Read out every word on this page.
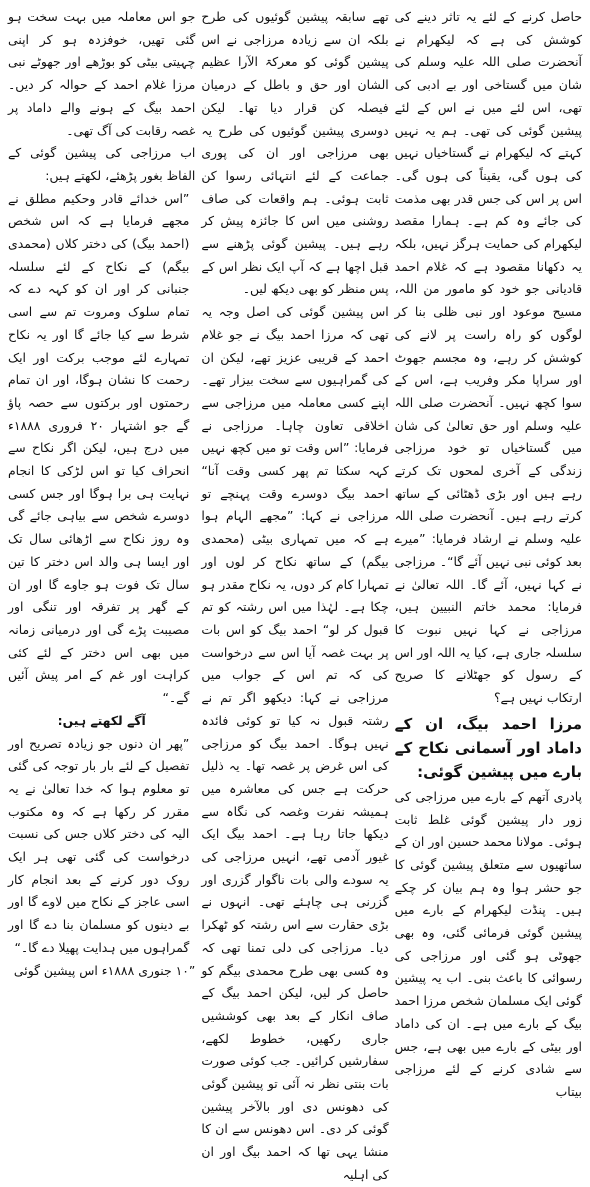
حاصل کرنے کے لئے یہ تاثر دینے کی کوشش کی ہے کہ لیکھرام نے آنحضرت صلی اللہ علیہ وسلم کی شان میں گستاخی اور بے ادبی کی تھی، اس لئے میں نے اس کے لئے پیشین گوئی کی تھی۔ ہم یہ نہیں کہتے کہ لیکھرام نے گستاخیاں نہیں کی ہوں گی، یقیناً کی ہوں گی۔ اس پر اس کی جس قدر بھی مذمت کی جائے وہ کم ہے۔ ہمارا مقصد لیکھرام کی حمایت ہرگز نہیں، بلکہ یہ دکھانا مقصود ہے کہ غلام احمد قادیانی جو خود کو مامور من اللہ، مسیح موعود اور نبی ظلی بنا کر لوگوں کو راہ راست پر لانے کی کوشش کر رہے، وہ مجسم جھوٹ اور سراپا مکر وفریب ہے، اس کے سوا کچھ نہیں۔ آنحضرت صلی اللہ علیہ وسلم اور حق تعالیٰ کی شان میں گستاخیاں تو خود مرزاجی زندگی کے آخری لمحوں تک کرتے رہے ہیں اور بڑی ڈھٹائی کے ساتھ کرتے رہے ہیں۔ آنحضرت صلی اللہ علیہ وسلم نے ارشاد فرمایا: ”میرے بعد کوئی نبی نہیں آئے گا“۔ مرزاجی نے کہا نہیں، آئے گا۔ اللہ تعالیٰ نے فرمایا: محمد خاتم النبیین ہیں، مرزاجی نے کہا نہیں نبوت کا سلسلہ جاری ہے، کیا یہ اللہ اور اس کے رسول کو جھٹلانے کا صریح ارتکاب نہیں ہے؟

مرزا احمد بیگ، ان کے داماد اور آسمانی نکاح کے بارے میں پیشین گوئی:

پادری آتھم کے بارے میں مرزاجی کی زور دار پیشین گوئی غلط ثابت ہوئی۔ مولانا محمد حسین اور ان کے ساتھیوں سے متعلق پیشین گوئی کا جو حشر ہوا وہ ہم بیان کر چکے ہیں۔ پنڈت لیکھرام کے بارے میں پیشین گوئی فرمائی گئی، وہ بھی جھوٹی ہو گئی اور مرزاجی کی رسوائی کا باعث بنی۔ اب یہ پیشین گوئی ایک مسلمان شخص مرزا احمد بیگ کے بارے میں ہے۔ ان کی داماد اور بیٹی کے بارے میں بھی ہے، جس سے شادی کرنے کے لئے مرزاجی بیتاب

تھے سابقہ پیشین گوئیوں کی طرح بلکہ ان سے زیادہ مرزاجی نے اس پیشین گوئی کو معرکۃ الآرا عظیم الشان اور حق و باطل کے درمیان فیصلہ کن قرار دیا تھا۔ لیکن دوسری پیشین گوئیوں کی طرح یہ بھی مرزاجی اور ان کی پوری جماعت کے لئے انتہائی رسوا کن ثابت ہوئی۔ ہم واقعات کی صاف روشنی میں اس کا جائزہ پیش کر رہے ہیں۔ پیشین گوئی پڑھنے سے قبل اچھا ہے کہ آپ ایک نظر اس کے پس منظر کو بھی دیکھ لیں۔

اس پیشین گوئی کی اصل وجہ یہ تھی کہ مرزا احمد بیگ نے جو غلام احمد کے قریبی عزیز تھے، لیکن ان کی گمراہیوں سے سخت بیزار تھے۔ اپنے کسی معاملہ میں مرزاجی سے اخلاقی تعاون چاہا۔ مرزاجی نے فرمایا: ”اس وقت تو میں کچھ نہیں کہہ سکتا تم پھر کسی وقت آنا“ احمد بیگ دوسرے وقت پہنچے تو مرزاجی نے کہا: ”مجھے الہام ہوا ہے کہ میں تمہاری بیٹی (محمدی بیگم) کے ساتھ نکاح کر لوں اور تمہارا کام کر دوں، یہ نکاح مقدر ہو چکا ہے۔ لہٰذا میں اس رشتہ کو تم قبول کر لو“ احمد بیگ کو اس بات پر بہت غصہ آیا اس سے درخواست کی کہ تم اس کے جواب میں مرزاجی نے کہا: دیکھو اگر تم نے رشتہ قبول نہ کیا تو کوئی فائدہ نہیں ہوگا۔ احمد بیگ کو مرزاجی کی اس غرض پر غصہ تھا۔ یہ ذلیل حرکت ہے جس کی معاشرہ میں ہمیشہ نفرت وغصہ کی نگاہ سے دیکھا جاتا رہا ہے۔ احمد بیگ ایک غیور آدمی تھے، انہیں مرزاجی کی یہ سودے والی بات ناگوار گزری اور گزرنی ہی چاہئے تھی۔ انہوں نے بڑی حقارت سے اس رشتہ کو ٹھکرا دیا۔ مرزاجی کی دلی تمنا تھی کہ وہ کسی بھی طرح محمدی بیگم کو حاصل کر لیں، لیکن احمد بیگ کے صاف انکار کے بعد بھی کوششیں جاری رکھیں، خطوط لکھے، سفارشیں کرائیں۔ جب کوئی صورت بات بنتی نظر نہ آئی تو پیشین گوئی کی دھونس دی اور بالآخر پیشین گوئی کر دی۔ اس دھونس سے ان کا منشا یہی تھا کہ احمد بیگ اور ان کی اہلیہ

جو اس معاملہ میں بہت سخت ہو گئی تھیں، خوفزدہ ہو کر اپنی چہیتی بیٹی کو بوڑھے اور جھوٹے نبی مرزا غلام احمد کے حوالہ کر دیں۔ احمد بیگ کے ہونے والے داماد پر غصہ رقابت کی آگ تھی۔

اب مرزاجی کی پیشین گوئی کے الفاظ بغور پڑھئے، لکھتے ہیں:

”اس خدائے قادر وحکیم مطلق نے مجھے فرمایا ہے کہ اس شخص (احمد بیگ) کی دختر کلاں (محمدی بیگم) کے نکاح کے لئے سلسلہ جنبانی کر اور ان کو کہہ دے کہ تمام سلوک ومروت تم سے اسی شرط سے کیا جائے گا اور یہ نکاح تمہارے لئے موجب برکت اور ایک رحمت کا نشان ہوگا، اور ان تمام رحمتوں اور برکتوں سے حصہ پاؤ گے جو اشتہار ۲۰ فروری ۱۸۸۸ء میں درج ہیں، لیکن اگر نکاح سے انحراف کیا تو اس لڑکی کا انجام نہایت ہی برا ہوگا اور جس کسی دوسرے شخص سے بیاہی جائے گی وہ روز نکاح سے اڑھائی سال تک اور ایسا ہی والد اس دختر کا تین سال تک فوت ہو جاوے گا اور ان کے گھر پر تفرقہ اور تنگی اور مصیبت پڑے گی اور درمیانی زمانہ میں بھی اس دختر کے لئے کئی کراہت اور غم کے امر پیش آئیں گے۔“

آگے لکھتے ہیں:

”پھر ان دنوں جو زیادہ تصریح اور تفصیل کے لئے بار بار توجہ کی گئی تو معلوم ہوا کہ خدا تعالیٰ نے یہ مقرر کر رکھا ہے کہ وہ مکتوب الیہ کی دختر کلاں جس کی نسبت درخواست کی گئی تھی ہر ایک روک دور کرنے کے بعد انجام کار اسی عاجز کے نکاح میں لاوے گا اور بے دینوں کو مسلمان بنا دے گا اور گمراہوں میں ہدایت پھیلا دے گا۔“

”۱۰ جنوری ۱۸۸۸ء اس پیشین گوئی
